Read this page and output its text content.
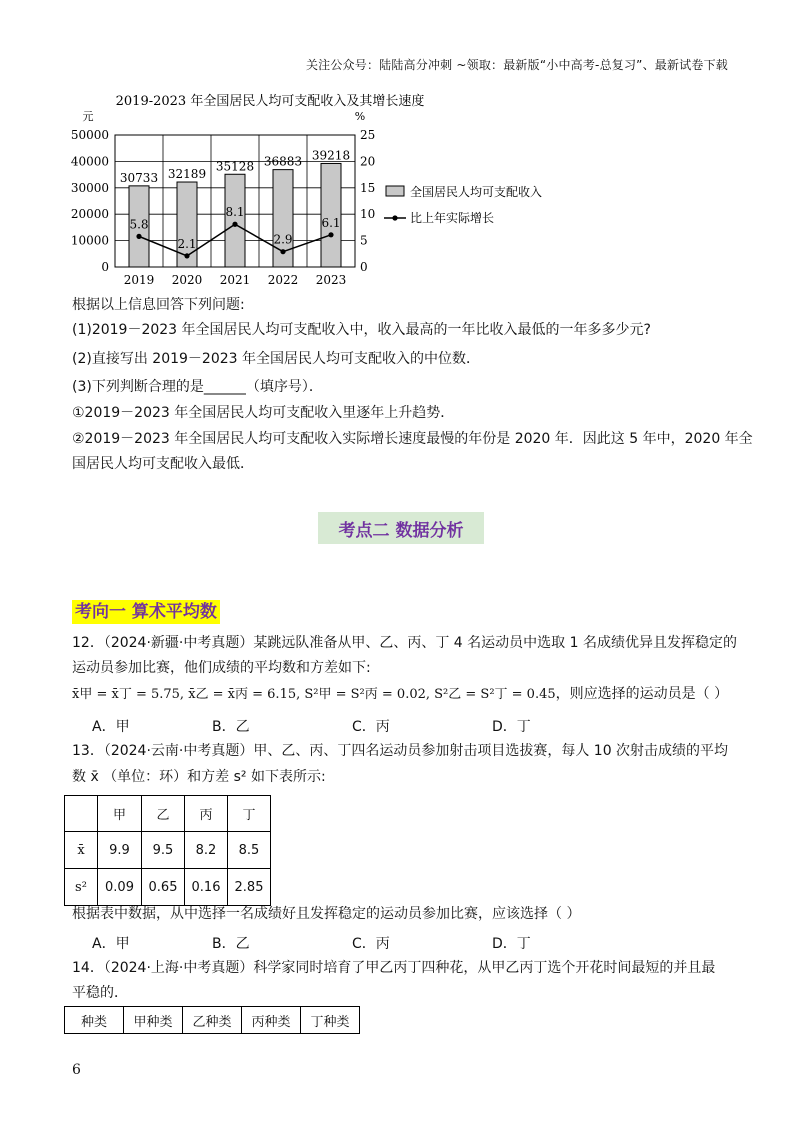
关注公众号：陆陆高分冲刺 ~领取：最新版“小中高考-总复习”、最新试卷下载
2019-2023 年全国居民人均可支配收入及其增长速度
元	%
30733 32189
35128 36883 39218
5.8
2.1
8.1
2.9
6.1
50000
40000
30000
20000
10000
0
25
20
15
10
5
0
2019 2020 2021 2022 2023
全国居民人均可支配收入
比上年实际增长
根据以上信息回答下列问题:
(1)2019－2023 年全国居民人均可支配收入中，收入最高的一年比收入最低的一年多多少元?
(2)直接写出 2019－2023 年全国居民人均可支配收入的中位数．
(3)下列判断合理的是______（填序号）．
①2019－2023 年全国居民人均可支配收入里逐年上升趋势．
②2019－2023 年全国居民人均可支配收入实际增长速度最慢的年份是 2020 年．因此这 5 年中，2020 年全
国居民人均可支配收入最低．
考点二 数据分析
考向一 算术平均数
12．（2024·新疆·中考真题）某跳远队准备从甲、乙、丙、丁 4 名运动员中选取 1 名成绩优异且发挥稳定的
运动员参加比赛，他们成绩的平均数和方差如下:
x̄甲 = x̄丁 = 5.75, x̄乙 = x̄丙 = 6.15, S²甲 = S²丙 = 0.02, S²乙 = S²丁 = 0.45，则应选择的运动员是（ ）
A．甲	B．乙	C．丙	D．丁
13．（2024·云南·中考真题）甲、乙、丙、丁四名运动员参加射击项目选拔赛，每人 10 次射击成绩的平均
数 x̄ （单位：环）和方差 s² 如下表所示:
	甲	乙	丙	丁
x̄	9.9	9.5	8.2	8.5
s²	0.09	0.65	0.16	2.85
根据表中数据，从中选择一名成绩好且发挥稳定的运动员参加比赛，应该选择（ ）
A．甲	B．乙	C．丙	D．丁
14．（2024·上海·中考真题）科学家同时培育了甲乙丙丁四种花，从甲乙丙丁选个开花时间最短的并且最
平稳的．
种类	甲种类	乙种类	丙种类	丁种类
6
